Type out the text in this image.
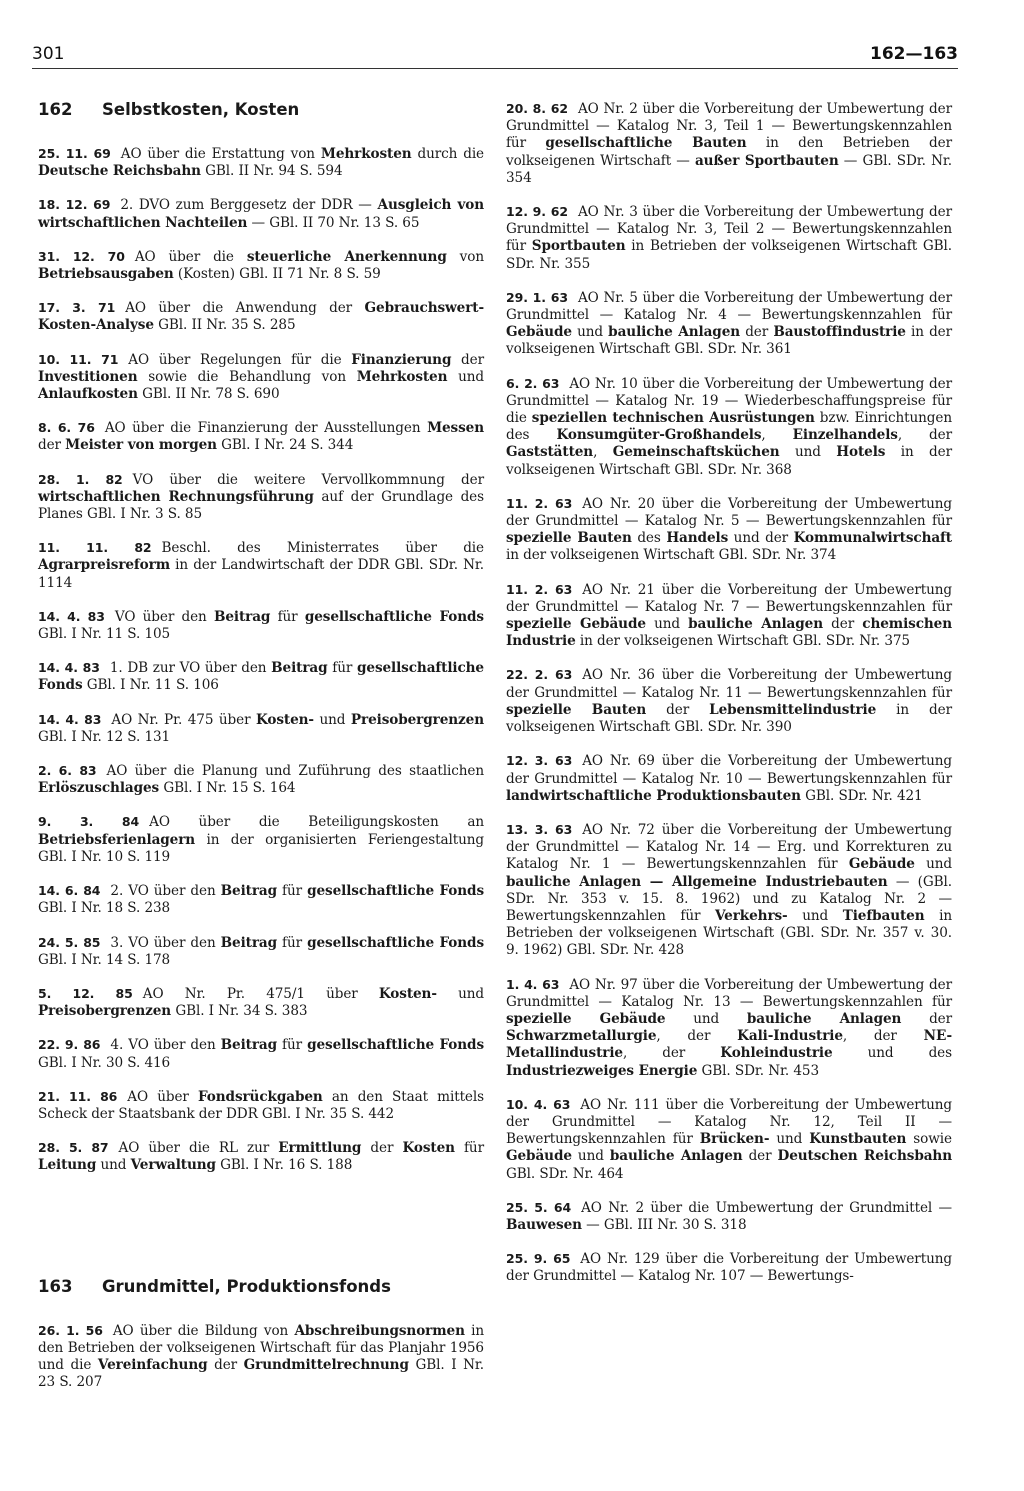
301	162—163
162	Selbstkosten, Kosten

25. 11. 69 AO über die Erstattung von Mehrkosten durch die Deutsche Reichsbahn GBl. II Nr. 94 S. 594

18. 12. 69 2. DVO zum Berggesetz der DDR — Ausgleich von wirtschaftlichen Nachteilen — GBl. II 70 Nr. 13 S. 65

31. 12. 70 AO über die steuerliche Anerkennung von Betriebsausgaben (Kosten) GBl. II 71 Nr. 8 S. 59

17. 3. 71 AO über die Anwendung der Gebrauchswert-Kosten-Analyse GBl. II Nr. 35 S. 285

10. 11. 71 AO über Regelungen für die Finanzierung der Investitionen sowie die Behandlung von Mehrkosten und Anlaufkosten GBl. II Nr. 78 S. 690

8. 6. 76 AO über die Finanzierung der Ausstellungen Messen der Meister von morgen GBl. I Nr. 24 S. 344

28. 1. 82 VO über die weitere Vervollkommnung der wirtschaftlichen Rechnungsführung auf der Grundlage des Planes GBl. I Nr. 3 S. 85

11. 11. 82 Beschl. des Ministerrates über die Agrarpreisreform in der Landwirtschaft der DDR GBl. SDr. Nr. 1114

14. 4. 83 VO über den Beitrag für gesellschaftliche Fonds GBl. I Nr. 11 S. 105

14. 4. 83 1. DB zur VO über den Beitrag für gesellschaftliche Fonds GBl. I Nr. 11 S. 106

14. 4. 83 AO Nr. Pr. 475 über Kosten- und Preisobergrenzen GBl. I Nr. 12 S. 131

2. 6. 83 AO über die Planung und Zuführung des staatlichen Erlöszuschlages GBl. I Nr. 15 S. 164

9. 3. 84 AO über die Beteiligungskosten an Betriebsferienlagern in der organisierten Feriengestaltung GBl. I Nr. 10 S. 119

14. 6. 84 2. VO über den Beitrag für gesellschaftliche Fonds GBl. I Nr. 18 S. 238

24. 5. 85 3. VO über den Beitrag für gesellschaftliche Fonds GBl. I Nr. 14 S. 178

5. 12. 85 AO Nr. Pr. 475/1 über Kosten- und Preisobergrenzen GBl. I Nr. 34 S. 383

22. 9. 86 4. VO über den Beitrag für gesellschaftliche Fonds GBl. I Nr. 30 S. 416

21. 11. 86 AO über Fondsrückgaben an den Staat mittels Scheck der Staatsbank der DDR GBl. I Nr. 35 S. 442

28. 5. 87 AO über die RL zur Ermittlung der Kosten für Leitung und Verwaltung GBl. I Nr. 16 S. 188

163	Grundmittel, Produktionsfonds

26. 1. 56 AO über die Bildung von Abschreibungsnormen in den Betrieben der volkseigenen Wirtschaft für das Planjahr 1956 und die Vereinfachung der Grundmittelrechnung GBl. I Nr. 23 S. 207

20. 8. 62 AO Nr. 2 über die Vorbereitung der Umbewertung der Grundmittel — Katalog Nr. 3, Teil 1 — Bewertungskennzahlen für gesellschaftliche Bauten in den Betrieben der volkseigenen Wirtschaft — außer Sportbauten — GBl. SDr. Nr. 354

12. 9. 62 AO Nr. 3 über die Vorbereitung der Umbewertung der Grundmittel — Katalog Nr. 3, Teil 2 — Bewertungskennzahlen für Sportbauten in Betrieben der volkseigenen Wirtschaft GBl. SDr. Nr. 355

29. 1. 63 AO Nr. 5 über die Vorbereitung der Umbewertung der Grundmittel — Katalog Nr. 4 — Bewertungskennzahlen für Gebäude und bauliche Anlagen der Baustoffindustrie in der volkseigenen Wirtschaft GBl. SDr. Nr. 361

6. 2. 63 AO Nr. 10 über die Vorbereitung der Umbewertung der Grundmittel — Katalog Nr. 19 — Wiederbeschaffungspreise für die speziellen technischen Ausrüstungen bzw. Einrichtungen des Konsumgüter-Großhandels, Einzelhandels, der Gaststätten, Gemeinschaftsküchen und Hotels in der volkseigenen Wirtschaft GBl. SDr. Nr. 368

11. 2. 63 AO Nr. 20 über die Vorbereitung der Umbewertung der Grundmittel — Katalog Nr. 5 — Bewertungskennzahlen für spezielle Bauten des Handels und der Kommunalwirtschaft in der volkseigenen Wirtschaft GBl. SDr. Nr. 374

11. 2. 63 AO Nr. 21 über die Vorbereitung der Umbewertung der Grundmittel — Katalog Nr. 7 — Bewertungskennzahlen für spezielle Gebäude und bauliche Anlagen der chemischen Industrie in der volkseigenen Wirtschaft GBl. SDr. Nr. 375

22. 2. 63 AO Nr. 36 über die Vorbereitung der Umbewertung der Grundmittel — Katalog Nr. 11 — Bewertungskennzahlen für spezielle Bauten der Lebensmittelindustrie in der volkseigenen Wirtschaft GBl. SDr. Nr. 390

12. 3. 63 AO Nr. 69 über die Vorbereitung der Umbewertung der Grundmittel — Katalog Nr. 10 — Bewertungskennzahlen für landwirtschaftliche Produktionsbauten GBl. SDr. Nr. 421

13. 3. 63 AO Nr. 72 über die Vorbereitung der Umbewertung der Grundmittel — Katalog Nr. 14 — Erg. und Korrekturen zu Katalog Nr. 1 — Bewertungskennzahlen für Gebäude und bauliche Anlagen — Allgemeine Industriebauten — (GBl. SDr. Nr. 353 v. 15. 8. 1962) und zu Katalog Nr. 2 — Bewertungskennzahlen für Verkehrs- und Tiefbauten in Betrieben der volkseigenen Wirtschaft (GBl. SDr. Nr. 357 v. 30. 9. 1962) GBl. SDr. Nr. 428

1. 4. 63 AO Nr. 97 über die Vorbereitung der Umbewertung der Grundmittel — Katalog Nr. 13 — Bewertungskennzahlen für spezielle Gebäude und bauliche Anlagen der Schwarzmetallurgie, der Kali-Industrie, der NE-Metallindustrie, der Kohleindustrie und des Industriezweiges Energie GBl. SDr. Nr. 453

10. 4. 63 AO Nr. 111 über die Vorbereitung der Umbewertung der Grundmittel — Katalog Nr. 12, Teil II — Bewertungskennzahlen für Brücken- und Kunstbauten sowie Gebäude und bauliche Anlagen der Deutschen Reichsbahn GBl. SDr. Nr. 464

25. 5. 64 AO Nr. 2 über die Umbewertung der Grundmittel — Bauwesen — GBl. III Nr. 30 S. 318

25. 9. 65 AO Nr. 129 über die Vorbereitung der Umbewertung der Grundmittel — Katalog Nr. 107 — Bewertungs-
